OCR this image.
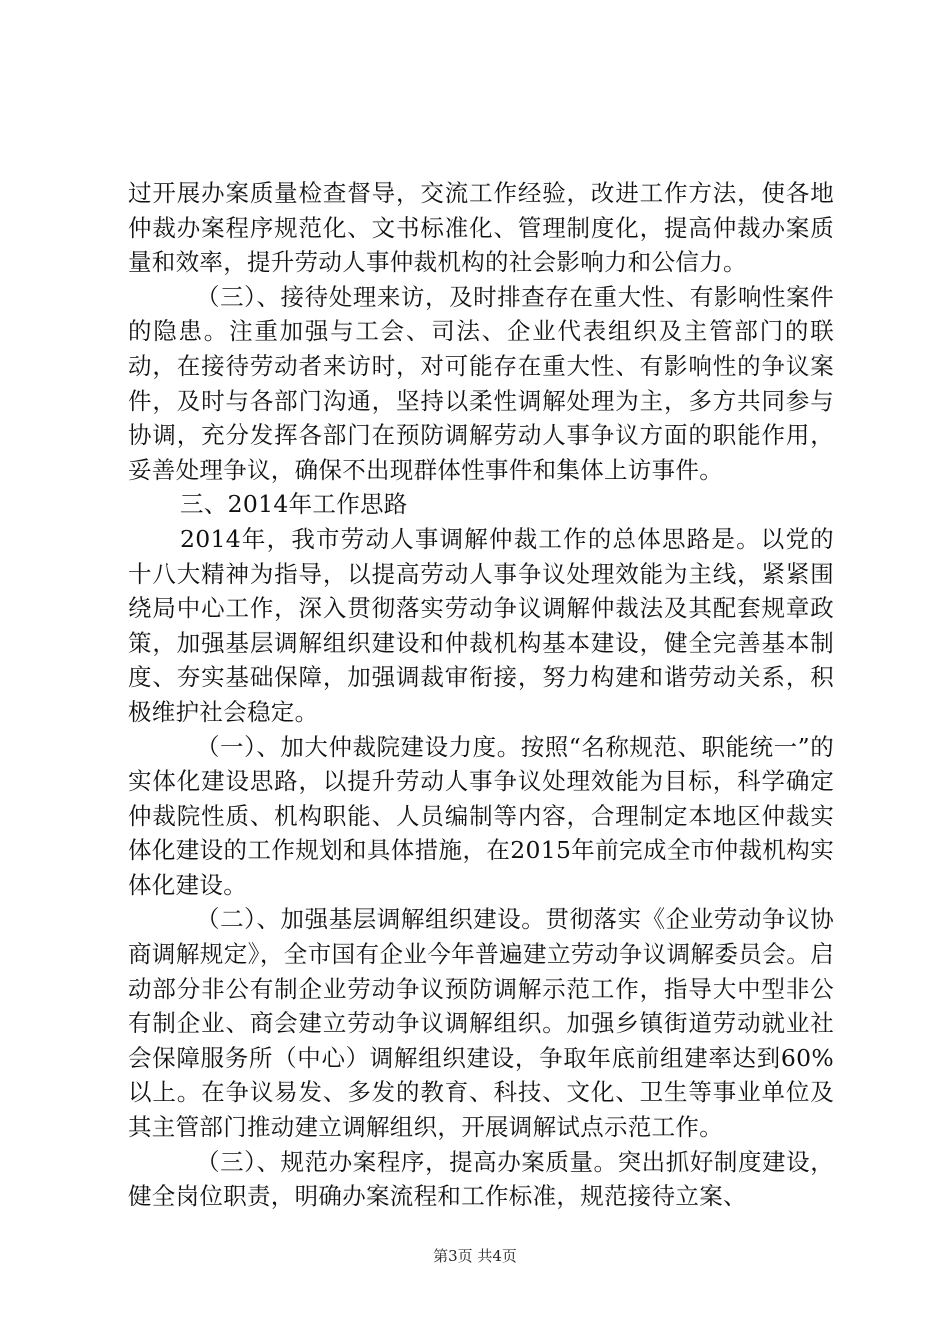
过开展办案质量检查督导，交流工作经验，改进工作方法，使各地仲裁办案程序规范化、文书标准化、管理制度化，提高仲裁办案质量和效率，提升劳动人事仲裁机构的社会影响力和公信力。

（三）、接待处理来访，及时排查存在重大性、有影响性案件的隐患。注重加强与工会、司法、企业代表组织及主管部门的联动，在接待劳动者来访时，对可能存在重大性、有影响性的争议案件，及时与各部门沟通，坚持以柔性调解处理为主，多方共同参与协调，充分发挥各部门在预防调解劳动人事争议方面的职能作用，妥善处理争议，确保不出现群体性事件和集体上访事件。

三、2014年工作思路

2014年，我市劳动人事调解仲裁工作的总体思路是。以党的十八大精神为指导，以提高劳动人事争议处理效能为主线，紧紧围绕局中心工作，深入贯彻落实劳动争议调解仲裁法及其配套规章政策，加强基层调解组织建设和仲裁机构基本建设，健全完善基本制度、夯实基础保障，加强调裁审衔接，努力构建和谐劳动关系，积极维护社会稳定。

（一）、加大仲裁院建设力度。按照“名称规范、职能统一”的实体化建设思路，以提升劳动人事争议处理效能为目标，科学确定仲裁院性质、机构职能、人员编制等内容，合理制定本地区仲裁实体化建设的工作规划和具体措施，在2015年前完成全市仲裁机构实体化建设。

（二）、加强基层调解组织建设。贯彻落实《企业劳动争议协商调解规定》，全市国有企业今年普遍建立劳动争议调解委员会。启动部分非公有制企业劳动争议预防调解示范工作，指导大中型非公有制企业、商会建立劳动争议调解组织。加强乡镇街道劳动就业社会保障服务所（中心）调解组织建设，争取年底前组建率达到60%以上。在争议易发、多发的教育、科技、文化、卫生等事业单位及其主管部门推动建立调解组织，开展调解试点示范工作。

（三）、规范办案程序，提高办案质量。突出抓好制度建设，健全岗位职责，明确办案流程和工作标准，规范接待立案、

第3页 共4页
